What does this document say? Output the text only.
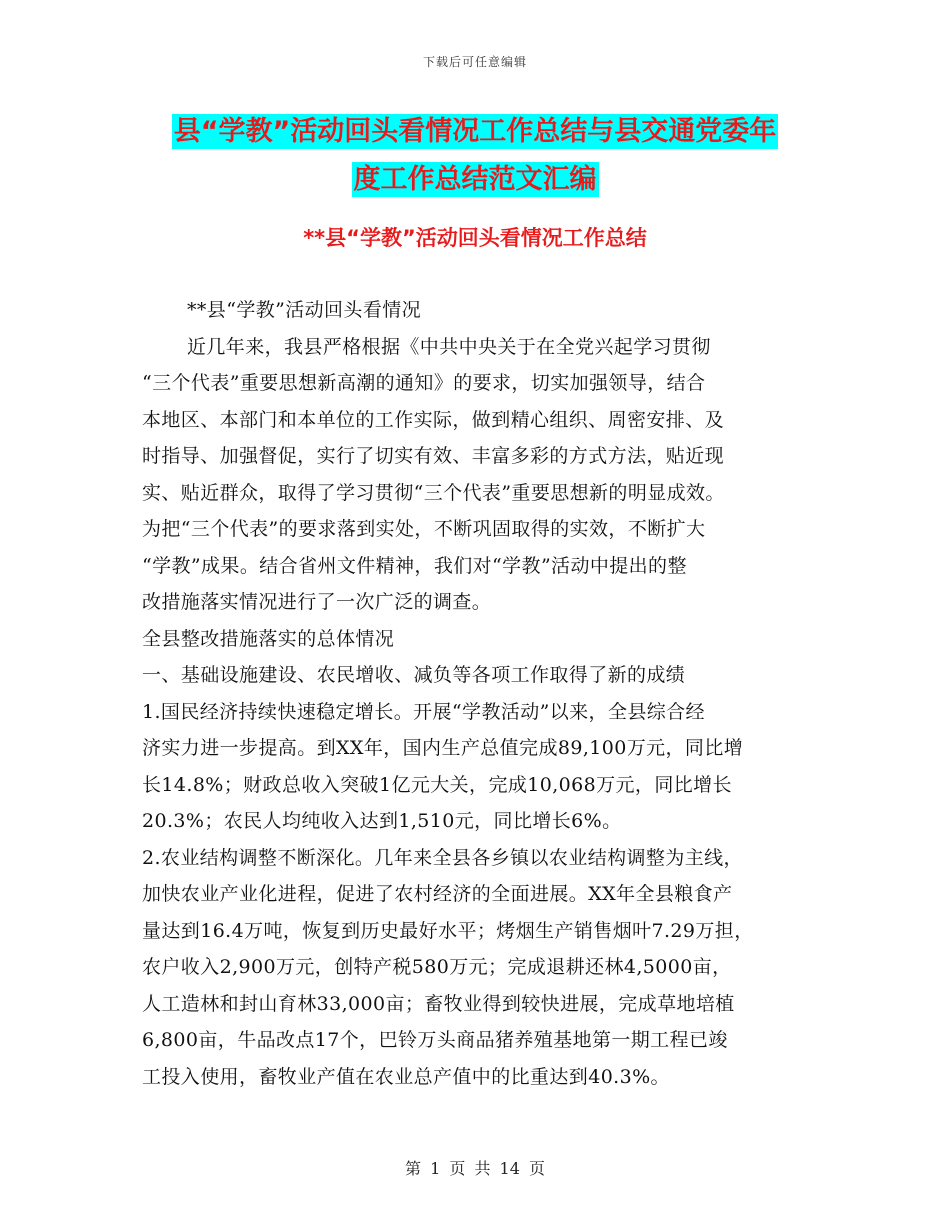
下载后可任意编辑
县“学教”活动回头看情况工作总结与县交通党委年
度工作总结范文汇编
**县“学教”活动回头看情况工作总结

**县“学教”活动回头看情况

近几年来，我县严格根据《中共中央关于在全党兴起学习贯彻

“三个代表”重要思想新高潮的通知》的要求，切实加强领导，结合

本地区、本部门和本单位的工作实际，做到精心组织、周密安排、及

时指导、加强督促，实行了切实有效、丰富多彩的方式方法，贴近现

实、贴近群众，取得了学习贯彻“三个代表”重要思想新的明显成效。

为把“三个代表”的要求落到实处，不断巩固取得的实效，不断扩大

“学教”成果。结合省州文件精神，我们对“学教”活动中提出的整

改措施落实情况进行了一次广泛的调查。

全县整改措施落实的总体情况

一、基础设施建设、农民增收、减负等各项工作取得了新的成绩

1.国民经济持续快速稳定增长。开展“学教活动”以来，全县综合经

济实力进一步提高。到XX年，国内生产总值完成89,100万元，同比增

长14.8%；财政总收入突破1亿元大关，完成10,068万元，同比增长

20.3%；农民人均纯收入达到1,510元，同比增长6%。

2.农业结构调整不断深化。几年来全县各乡镇以农业结构调整为主线，

加快农业产业化进程，促进了农村经济的全面进展。XX年全县粮食产

量达到16.4万吨，恢复到历史最好水平；烤烟生产销售烟叶7.29万担，

农户收入2,900万元，创特产税580万元；完成退耕还林4,5000亩，

人工造林和封山育林33,000亩；畜牧业得到较快进展，完成草地培植

6,800亩，牛品改点17个，巴铃万头商品猪养殖基地第一期工程已竣

工投入使用，畜牧业产值在农业总产值中的比重达到40.3%。

第 1 页 共 14 页
